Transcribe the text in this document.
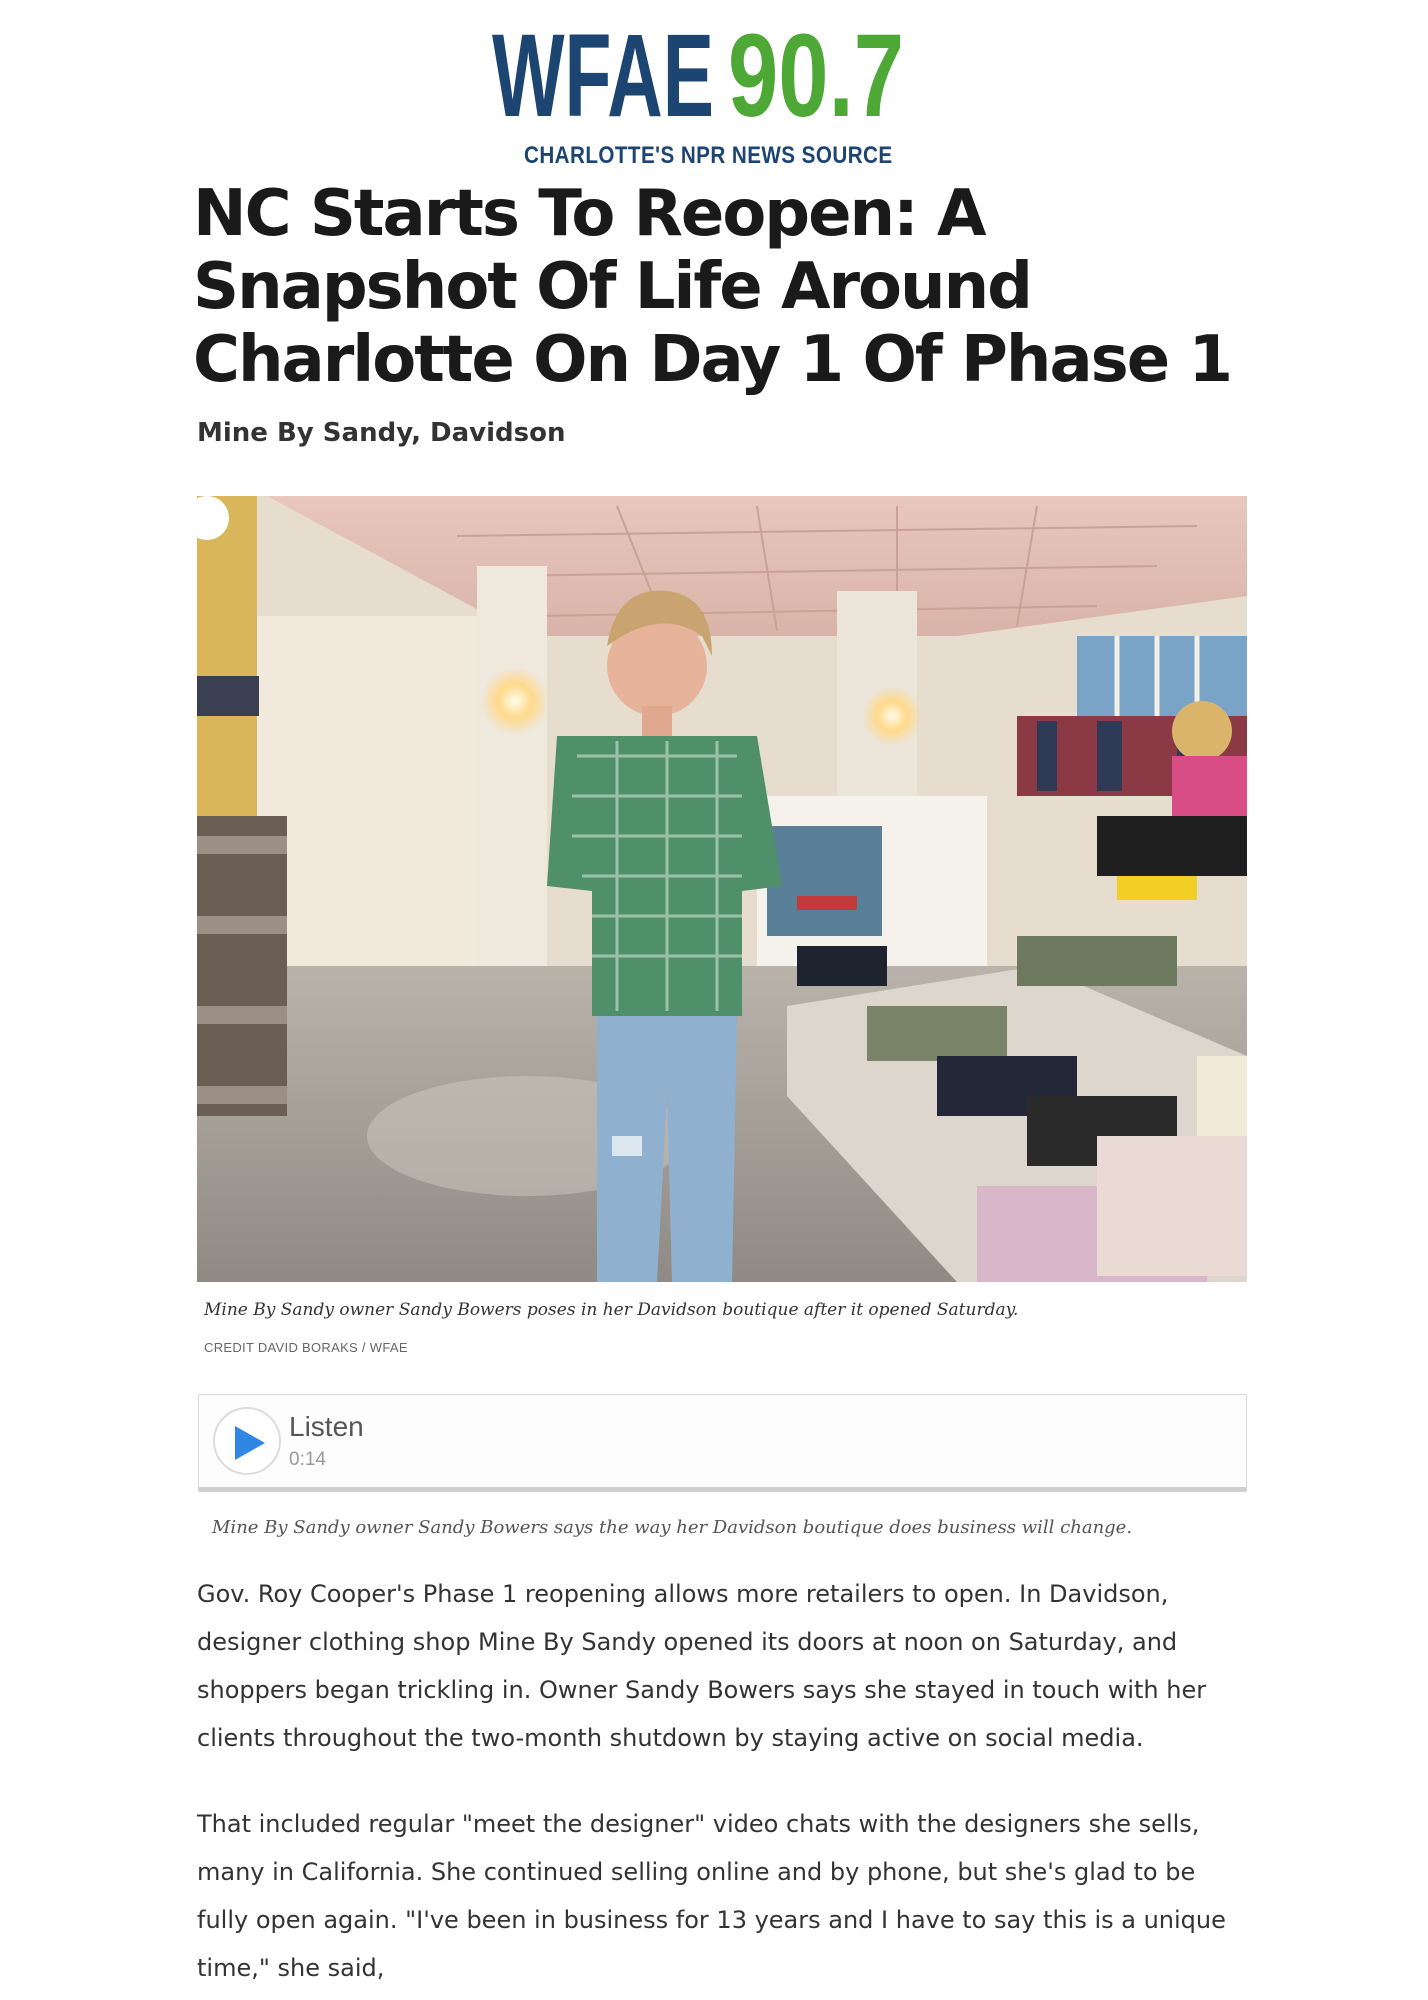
WFAE 90.7
CHARLOTTE'S NPR NEWS SOURCE
NC Starts To Reopen: A
Snapshot Of Life Around
Charlotte On Day 1 Of Phase 1
Mine By Sandy, Davidson
Mine By Sandy owner Sandy Bowers poses in her Davidson boutique after it opened Saturday.
CREDIT DAVID BORAKS / WFAE
Listen
0:14
Mine By Sandy owner Sandy Bowers says the way her Davidson boutique does business will change.
Gov. Roy Cooper's Phase 1 reopening allows more retailers to open. In Davidson,
designer clothing shop Mine By Sandy opened its doors at noon on Saturday, and
shoppers began trickling in. Owner Sandy Bowers says she stayed in touch with her
clients throughout the two-month shutdown by staying active on social media.
That included regular "meet the designer" video chats with the designers she sells,
many in California. She continued selling online and by phone, but she's glad to be
fully open again. "I've been in business for 13 years and I have to say this is a unique
time," she said,
